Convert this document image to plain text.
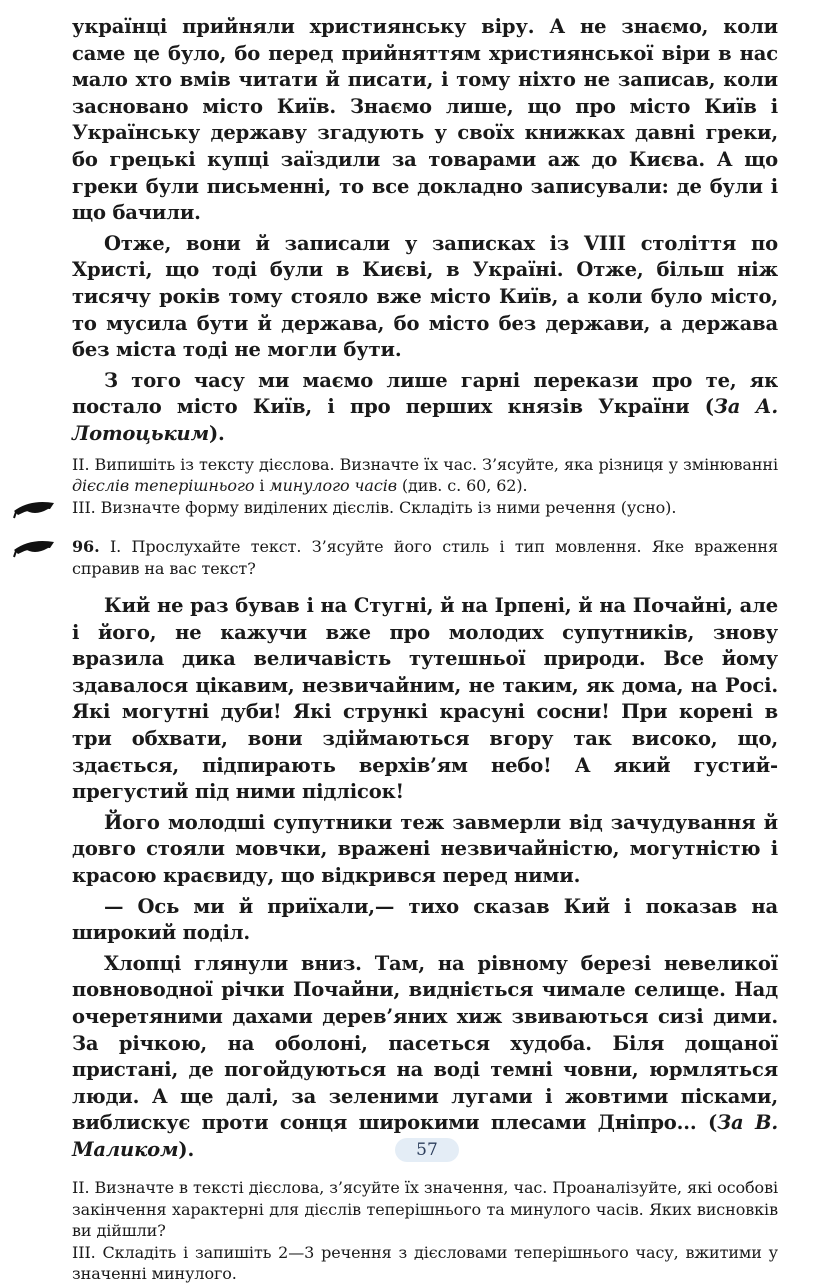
українці прийняли християнську віру. А не знаємо, коли саме це було, бо перед прийняттям християнської віри в нас мало хто вмів читати й писати, і тому ніхто не записав, коли засновано місто Київ. Знаємо лише, що про місто Київ і Українську державу згадують у своїх книжках давні греки, бо грецькі купці заїздили за товарами аж до Києва. А що греки були письменні, то все докладно записували: де були і що бачили.

Отже, вони й записали у записках із VIII століття по Христі, що тоді були в Києві, в Україні. Отже, більш ніж тисячу років тому стояло вже місто Київ, а коли було місто, то мусила бути й держава, бо місто без держави, а держава без міста тоді не могли бути.

З того часу ми маємо лише гарні перекази про те, як постало місто Київ, і про перших князів України (За А. Лотоцьким).

II. Випишіть із тексту дієслова. Визначте їх час. З’ясуйте, яка різниця у змінюванні дієслів теперішнього і минулого часів (див. с. 60, 62).

III. Визначте форму виділених дієслів. Складіть із ними речення (усно).

96. I. Прослухайте текст. З’ясуйте його стиль і тип мовлення. Яке враження справив на вас текст?

Кий не раз бував і на Стугні, й на Ірпені, й на Почайні, але і його, не кажучи вже про молодих супутників, знову вразила дика величавість тутешньої природи. Все йому здавалося цікавим, незвичайним, не таким, як дома, на Росі. Які могутні дуби! Які стрункі красуні сосни! При корені в три обхвати, вони здіймаються вгору так високо, що, здається, підпирають верхів’ям небо! А який густий-прегустий під ними підлісок!

Його молодші супутники теж завмерли від зачудування й довго стояли мовчки, вражені незвичайністю, могутністю і красою краєвиду, що відкрився перед ними.

— Ось ми й приїхали,— тихо сказав Кий і показав на широкий поділ.

Хлопці глянули вниз. Там, на рівному березі невеликої повноводної річки Почайни, видніється чимале селище. Над очеретяними дахами дерев’яних хиж звиваються сизі дими. За річкою, на оболоні, пасеться худоба. Біля дощаної пристані, де погойдуються на воді темні човни, юрмляться люди. А ще далі, за зеленими лугами і жовтими пісками, виблискує проти сонця широкими плесами Дніпро... (За В. Маликом).

II. Визначте в тексті дієслова, з’ясуйте їх значення, час. Проаналізуйте, які особові закінчення характерні для дієслів теперішнього та минулого часів. Яких висновків ви дійшли?

III. Складіть і запишіть 2—3 речення з дієсловами теперішнього часу, вжитими у значенні минулого.

57
